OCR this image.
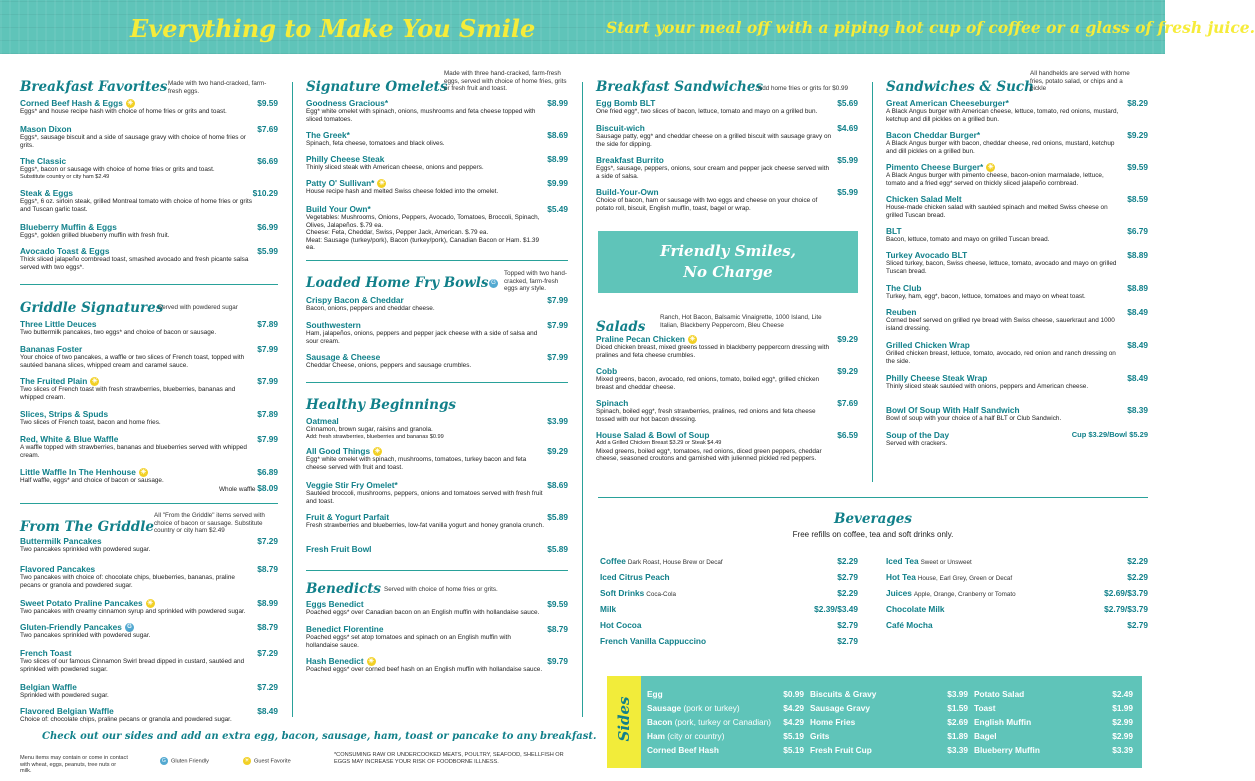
Everything to Make You Smile	Start your meal off with a piping hot cup of coffee or a glass of fresh juice.
Breakfast Favorites Made with two hand-cracked, farm-fresh eggs.
Corned Beef Hash & Eggs ☀	$9.59
Eggs* and house recipe hash with choice of home fries or grits and toast.
Mason Dixon	$7.69
Eggs*, sausage biscuit and a side of sausage gravy with choice of home fries or grits.
The Classic	$6.69
Eggs*, bacon or sausage with choice of home fries or grits and toast.
Substitute country or city ham $2.49
Steak & Eggs	$10.29
Eggs*, 6 oz. sirloin steak, grilled Montreal tomato with choice of home fries or grits and Tuscan garlic toast.
Blueberry Muffin & Eggs	$6.99
Eggs*, golden grilled blueberry muffin with fresh fruit.
Avocado Toast & Eggs	$5.99
Thick sliced jalapeño cornbread toast, smashed avocado and fresh picante salsa served with two eggs*.
Griddle Signatures
Served with powdered sugar
Three Little Deuces	$7.89
Two buttermilk pancakes, two eggs* and choice of bacon or sausage.
Bananas Foster	$7.99
Your choice of two pancakes, a waffle or two slices of French toast, topped with sautéed banana slices, whipped cream and caramel sauce.
The Fruited Plain ☀	$7.99
Two slices of French toast with fresh strawberries, blueberries, bananas and whipped cream.
Slices, Strips & Spuds	$7.89
Two slices of French toast, bacon and home fries.
Red, White & Blue Waffle	$7.99
A waffle topped with strawberries, bananas and blueberries served with whipped cream.
Little Waffle In The Henhouse ☀	$6.89
Half waffle, eggs* and choice of bacon or sausage.
Whole waffle $8.09
From The Griddle
All "From the Griddle" items served with choice of bacon or sausage. Substitute country or city ham $2.49
Buttermilk Pancakes	$7.29
Two pancakes sprinkled with powdered sugar.
Flavored Pancakes	$8.79
Two pancakes with choice of: chocolate chips, blueberries, bananas, praline pecans or granola and powdered sugar.
Sweet Potato Praline Pancakes ☀	$8.99
Two pancakes with creamy cinnamon syrup and sprinkled with powdered sugar.
Gluten-Friendly Pancakes G	$8.79
Two pancakes sprinkled with powdered sugar.
French Toast	$7.29
Two slices of our famous Cinnamon Swirl bread dipped in custard, sautéed and sprinkled with powdered sugar.
Belgian Waffle	$7.29
Sprinkled with powdered sugar.
Flavored Belgian Waffle	$8.49
Choice of: chocolate chips, praline pecans or granola and powdered sugar.
Signature Omelets
Made with three hand-cracked, farm-fresh eggs, served with choice of home fries, grits or fresh fruit and toast.
Goodness Gracious*	$8.99
Egg* white omelet with spinach, onions, mushrooms and feta cheese topped with sliced tomatoes.
The Greek*	$8.69
Spinach, feta cheese, tomatoes and black olives.
Philly Cheese Steak	$8.99
Thinly sliced steak with American cheese, onions and peppers.
Patty O' Sullivan* ☀	$9.99
House recipe hash and melted Swiss cheese folded into the omelet.
Build Your Own*	$5.49
Vegetables: Mushrooms, Onions, Peppers, Avocado, Tomatoes, Broccoli, Spinach, Olives, Jalapeños. $.79 ea.
Cheese: Feta, Cheddar, Swiss, Pepper Jack, American. $.79 ea.
Meat: Sausage (turkey/pork), Bacon (turkey/pork), Canadian Bacon or Ham. $1.39 ea.
Loaded Home Fry Bowls
Topped with two hand-cracked, farm-fresh eggs any style.
G
Crispy Bacon & Cheddar	$7.99
Bacon, onions, peppers and cheddar cheese.
Southwestern	$7.99
Ham, jalapeños, onions, peppers and pepper jack cheese with a side of salsa and sour cream.
Sausage & Cheese	$7.99
Cheddar Cheese, onions, peppers and sausage crumbles.
Healthy Beginnings
Oatmeal	$3.99
Cinnamon, brown sugar, raisins and granola.
Add: fresh strawberries, blueberries and bananas $0.99
All Good Things ☀	$9.29
Egg* white omelet with spinach, mushrooms, tomatoes, turkey bacon and feta cheese served with fruit and toast.
Veggie Stir Fry Omelet*	$8.69
Sautéed broccoli, mushrooms, peppers, onions and tomatoes served with fresh fruit and toast.
Fruit & Yogurt Parfait	$5.89
Fresh strawberries and blueberries, low-fat vanilla yogurt and honey granola crunch.
Fresh Fruit Bowl	$5.89
Benedicts Served with choice of home fries or grits.
Eggs Benedict	$9.59
Poached eggs* over Canadian bacon on an English muffin with hollandaise sauce.
Benedict Florentine	$8.79
Poached eggs* set atop tomatoes and spinach on an English muffin with hollandaise sauce.
Hash Benedict ☀	$9.79
Poached eggs* over corned beef hash on an English muffin with hollandaise sauce.
Breakfast Sandwiches
Add home fries or grits for $0.99
Egg Bomb BLT	$5.69
One fried egg*, two slices of bacon, lettuce, tomato and mayo on a grilled bun.
Biscuit-wich	$4.69
Sausage patty, egg* and cheddar cheese on a grilled biscuit with sausage gravy on the side for dipping.
Breakfast Burrito	$5.99
Eggs*, sausage, peppers, onions, sour cream and pepper jack cheese served with a side of salsa.
Build-Your-Own	$5.99
Choice of bacon, ham or sausage with two eggs and cheese on your choice of potato roll, biscuit, English muffin, toast, bagel or wrap.
Salads
Ranch, Hot Bacon, Balsamic Vinaigrette, 1000 Island, Lite Italian, Blackberry Peppercorn, Bleu Cheese
Praline Pecan Chicken ☀	$9.29
Diced chicken breast, mixed greens tossed in blackberry peppercorn dressing with pralines and feta cheese crumbles.
Cobb	$9.29
Mixed greens, bacon, avocado, red onions, tomato, boiled egg*, grilled chicken breast and cheddar cheese.
Spinach	$7.69
Spinach, boiled egg*, fresh strawberries, pralines, red onions and feta cheese tossed with our hot bacon dressing.
House Salad & Bowl of Soup	$6.59
Add a Grilled Chicken Breast $3.29 or Steak $4.49
Mixed greens, boiled egg*, tomatoes, red onions, diced green peppers, cheddar cheese, seasoned croutons and garnished with julienned pickled red peppers.
Friendly Smiles,
No Charge
Sandwiches & Such
All handhelds are served with home fries, potato salad, or chips and a pickle
Great American Cheeseburger*	$8.29
A Black Angus burger with American cheese, lettuce, tomato, red onions, mustard, ketchup and dill pickles on a grilled bun.
Bacon Cheddar Burger*	$9.29
A Black Angus burger with bacon, cheddar cheese, red onions, mustard, ketchup and dill pickles on a grilled bun.
Pimento Cheese Burger* ☀	$9.59
A Black Angus burger with pimento cheese, bacon-onion marmalade, lettuce, tomato and a fried egg* served on thickly sliced jalapeño cornbread.
Chicken Salad Melt	$8.59
House-made chicken salad with sautéed spinach and melted Swiss cheese on grilled Tuscan bread.
BLT	$6.79
Bacon, lettuce, tomato and mayo on grilled Tuscan bread.
Turkey Avocado BLT	$8.89
Sliced turkey, bacon, Swiss cheese, lettuce, tomato, avocado and mayo on grilled Tuscan bread.
The Club	$8.89
Turkey, ham, egg*, bacon, lettuce, tomatoes and mayo on wheat toast.
Reuben	$8.49
Corned beef served on grilled rye bread with Swiss cheese, sauerkraut and 1000 island dressing.
Grilled Chicken Wrap	$8.49
Grilled chicken breast, lettuce, tomato, avocado, red onion and ranch dressing on the side.
Philly Cheese Steak Wrap	$8.49
Thinly sliced steak sautéed with onions, peppers and American cheese.
Bowl Of Soup With Half Sandwich	$8.39
Bowl of soup with your choice of a half BLT or Club Sandwich.
Soup of the Day	Cup $3.29/Bowl $5.29
Served with crackers.
Beverages
Free refills on coffee, tea and soft drinks only.
Coffee Dark Roast, House Brew or Decaf	$2.29
Iced Citrus Peach	$2.79
Soft Drinks Coca-Cola	$2.29
Milk	$2.39/$3.49
Hot Cocoa	$2.79
French Vanilla Cappuccino	$2.79
Iced Tea Sweet or Unsweet	$2.29
Hot Tea House, Earl Grey, Green or Decaf	$2.29
Juices Apple, Orange, Cranberry or Tomato	$2.69/$3.79
Chocolate Milk	$2.79/$3.79
Café Mocha	$2.79
Sides
Egg	$0.99
Sausage (pork or turkey)	$4.29
Bacon (pork, turkey or Canadian) $4.29
Ham (city or country)	$5.19
Corned Beef Hash	$5.19
Biscuits & Gravy	$3.99
Sausage Gravy	$1.59
Home Fries	$2.69
Grits	$1.89
Fresh Fruit Cup	$3.39
Potato Salad	$2.49
Toast	$1.99
English Muffin	$2.99
Bagel	$2.99
Blueberry Muffin	$3.39
Check out our sides and add an extra egg, bacon, sausage, ham, toast or pancake to any breakfast.
Menu items may contain or come in contact with wheat, eggs, peanuts, tree nuts or milk.
G Gluten Friendly	☀ Guest Favorite
*CONSUMING RAW OR UNDERCOOKED MEATS, POULTRY, SEAFOOD, SHELLFISH OR EGGS MAY INCREASE YOUR RISK OF FOODBORNE ILLNESS.
